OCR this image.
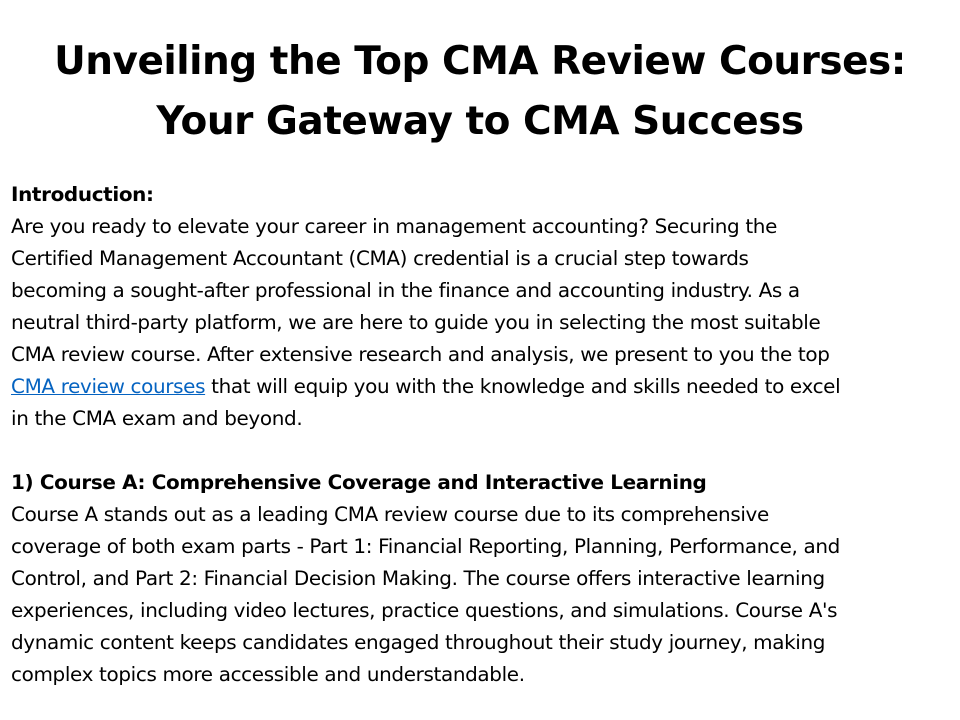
Unveiling the Top CMA Review Courses:
Your Gateway to CMA Success
Introduction:
Are you ready to elevate your career in management accounting? Securing the
Certified Management Accountant (CMA) credential is a crucial step towards
becoming a sought-after professional in the finance and accounting industry. As a
neutral third-party platform, we are here to guide you in selecting the most suitable
CMA review course. After extensive research and analysis, we present to you the top
CMA review courses that will equip you with the knowledge and skills needed to excel
in the CMA exam and beyond.
1) Course A: Comprehensive Coverage and Interactive Learning
Course A stands out as a leading CMA review course due to its comprehensive
coverage of both exam parts - Part 1: Financial Reporting, Planning, Performance, and
Control, and Part 2: Financial Decision Making. The course offers interactive learning
experiences, including video lectures, practice questions, and simulations. Course A's
dynamic content keeps candidates engaged throughout their study journey, making
complex topics more accessible and understandable.
